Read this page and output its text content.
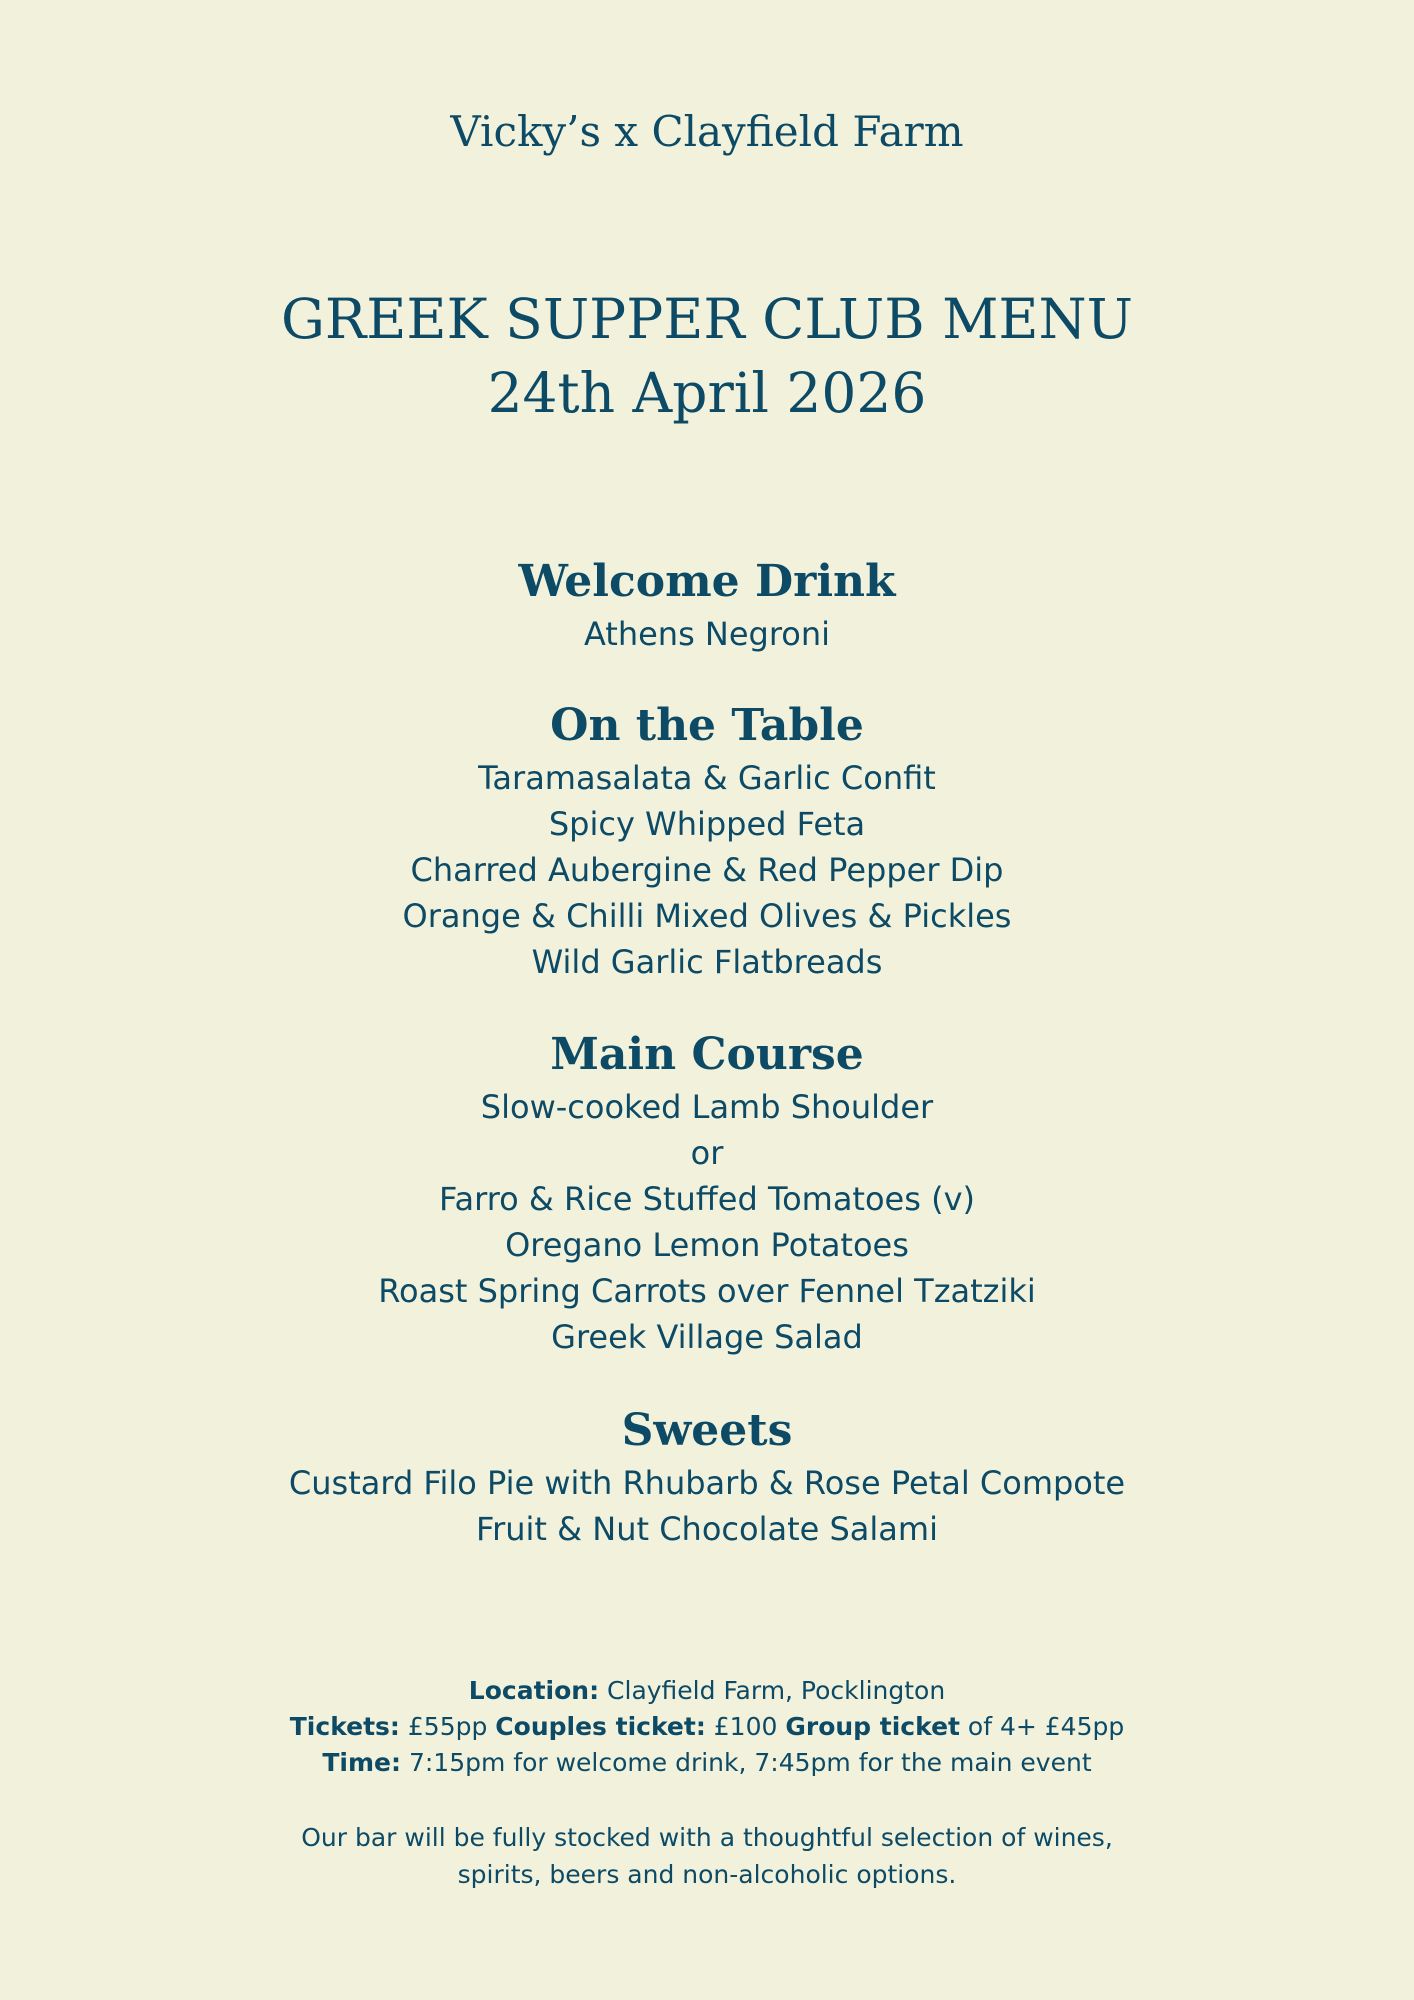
Vicky’s x Clayfield Farm
GREEK SUPPER CLUB MENU
24th April 2026
Welcome Drink
Athens Negroni
On the Table
Taramasalata & Garlic Confit
Spicy Whipped Feta
Charred Aubergine & Red Pepper Dip
Orange & Chilli Mixed Olives & Pickles
Wild Garlic Flatbreads
Main Course
Slow-cooked Lamb Shoulder
or
Farro & Rice Stuffed Tomatoes (v)
Oregano Lemon Potatoes
Roast Spring Carrots over Fennel Tzatziki
Greek Village Salad
Sweets
Custard Filo Pie with Rhubarb & Rose Petal Compote
Fruit & Nut Chocolate Salami
Location: Clayfield Farm, Pocklington
Tickets: £55pp Couples ticket: £100 Group ticket of 4+ £45pp
Time: 7:15pm for welcome drink, 7:45pm for the main event
Our bar will be fully stocked with a thoughtful selection of wines,
spirits, beers and non-alcoholic options.
